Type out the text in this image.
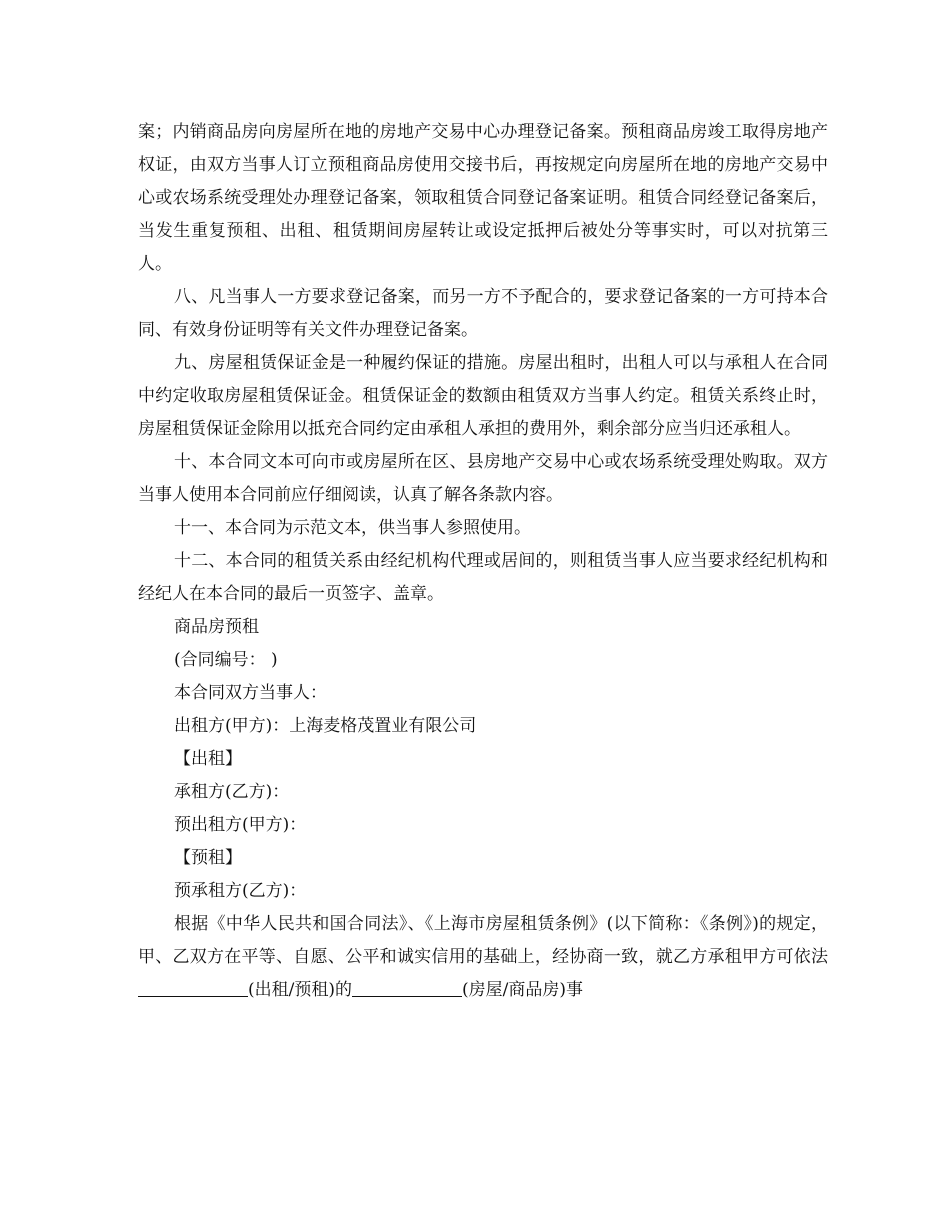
案；内销商品房向房屋所在地的房地产交易中心办理登记备案。预租商品房竣工取得房地产权证，由双方当事人订立预租商品房使用交接书后，再按规定向房屋所在地的房地产交易中心或农场系统受理处办理登记备案，领取租赁合同登记备案证明。租赁合同经登记备案后，当发生重复预租、出租、租赁期间房屋转让或设定抵押后被处分等事实时，可以对抗第三人。

八、凡当事人一方要求登记备案，而另一方不予配合的，要求登记备案的一方可持本合同、有效身份证明等有关文件办理登记备案。

九、房屋租赁保证金是一种履约保证的措施。房屋出租时，出租人可以与承租人在合同中约定收取房屋租赁保证金。租赁保证金的数额由租赁双方当事人约定。租赁关系终止时，房屋租赁保证金除用以抵充合同约定由承租人承担的费用外，剩余部分应当归还承租人。

十、本合同文本可向市或房屋所在区、县房地产交易中心或农场系统受理处购取。双方当事人使用本合同前应仔细阅读，认真了解各条款内容。

十一、本合同为示范文本，供当事人参照使用。

十二、本合同的租赁关系由经纪机构代理或居间的，则租赁当事人应当要求经纪机构和经纪人在本合同的最后一页签字、盖章。

商品房预租

(合同编号： )

本合同双方当事人：

出租方(甲方)：上海麦格茂置业有限公司

【出租】

承租方(乙方)：

预出租方(甲方)：

【预租】

预承租方(乙方)：

根据《中华人民共和国合同法》、《上海市房屋租赁条例》(以下简称：《条例》)的规定，甲、乙双方在平等、自愿、公平和诚实信用的基础上，经协商一致，就乙方承租甲方可依法(出租/预租)的	(房屋/商品房)事
